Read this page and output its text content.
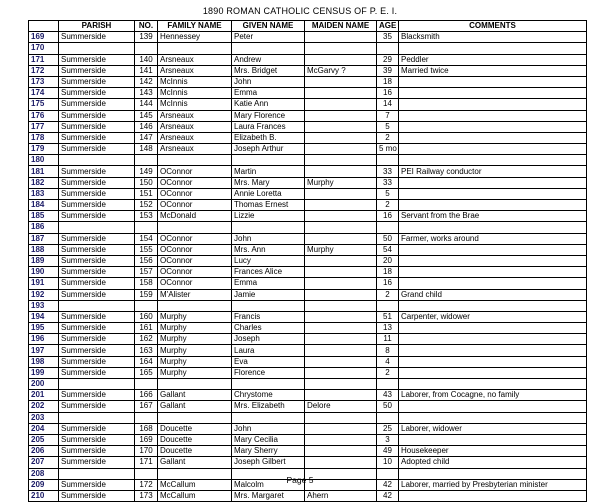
1890 ROMAN CATHOLIC CENSUS OF P. E. I.
	PARISH	NO.	FAMILY NAME	GIVEN NAME	MAIDEN NAME	AGE	COMMENTS
169	Summerside	139	Hennessey	Peter		35	Blacksmith
170							
171	Summerside	140	Arsneaux	Andrew		29	Peddler
172	Summerside	141	Arsneaux	Mrs. Bridget	McGarvy ?	39	Married twice
173	Summerside	142	McInnis	John		18	
174	Summerside	143	McInnis	Emma		16	
175	Summerside	144	McInnis	Katie Ann		14	
176	Summerside	145	Arsneaux	Mary Florence		7	
177	Summerside	146	Arsneaux	Laura Frances		5	
178	Summerside	147	Arsneaux	Elizabeth B.		2	
179	Summerside	148	Arsneaux	Joseph Arthur		5 mo	
180							
181	Summerside	149	OConnor	Martin		33	PEI Railway conductor
182	Summerside	150	OConnor	Mrs. Mary	Murphy	33	
183	Summerside	151	OConnor	Annie Loretta		5	
184	Summerside	152	OConnor	Thomas Ernest		2	
185	Summerside	153	McDonald	Lizzie		16	Servant from the Brae
186							
187	Summerside	154	OConnor	John		50	Farmer, works around
188	Summerside	155	OConnor	Mrs. Ann	Murphy	54	
189	Summerside	156	OConnor	Lucy		20	
190	Summerside	157	OConnor	Frances Alice		18	
191	Summerside	158	OConnor	Emma		16	
192	Summerside	159	M'Alister	Jamie		2	Grand child
193							
194	Summerside	160	Murphy	Francis		51	Carpenter, widower
195	Summerside	161	Murphy	Charles		13	
196	Summerside	162	Murphy	Joseph		11	
197	Summerside	163	Murphy	Laura		8	
198	Summerside	164	Murphy	Eva		4	
199	Summerside	165	Murphy	Florence		2	
200							
201	Summerside	166	Gallant	Chrystome		43	Laborer, from Cocagne, no family
202	Summerside	167	Gallant	Mrs. Elizabeth	Delore	50	
203							
204	Summerside	168	Doucette	John		25	Laborer, widower
205	Summerside	169	Doucette	Mary Cecilia		3	
206	Summerside	170	Doucette	Mary Sherry		49	Housekeeper
207	Summerside	171	Gallant	Joseph Gilbert		10	Adopted child
208							
209	Summerside	172	McCallum	Malcolm		42	Laborer, married by Presbyterian minister
210	Summerside	173	McCallum	Mrs. Margaret	Ahern	42	
Page 5
